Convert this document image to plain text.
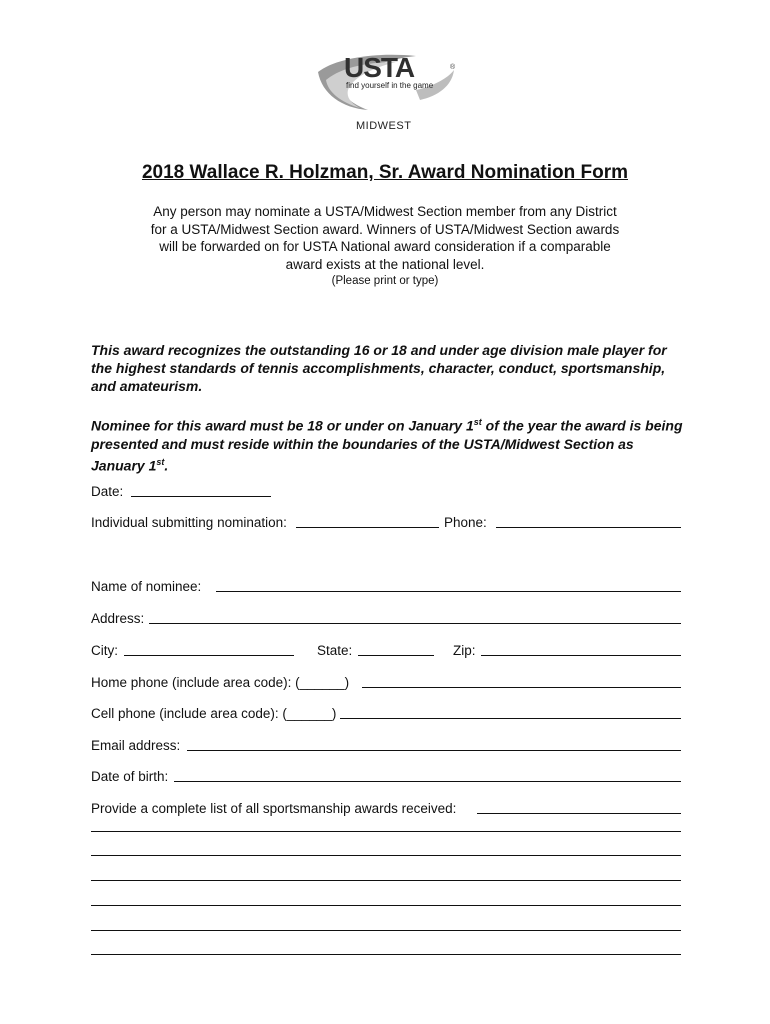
USTA	®
find yourself in the game
MIDWEST
2018 Wallace R. Holzman, Sr. Award Nomination Form
Any person may nominate a USTA/Midwest Section member from any District for a USTA/Midwest Section award. Winners of USTA/Midwest Section awards will be forwarded on for USTA National award consideration if a comparable award exists at the national level.
(Please print or type)
This award recognizes the outstanding 16 or 18 and under age division male player for the highest standards of tennis accomplishments, character, conduct, sportsmanship, and amateurism.
Nominee for this award must be 18 or under on January 1st of the year the award is being presented and must reside within the boundaries of the USTA/Midwest Section as January 1st.
Date:
Individual submitting nomination:	Phone:
Name of nominee:
Address:
City:	State:	Zip:
Home phone (include area code): (______)
Cell phone (include area code): (______)
Email address:
Date of birth:
Provide a complete list of all sportsmanship awards received:
